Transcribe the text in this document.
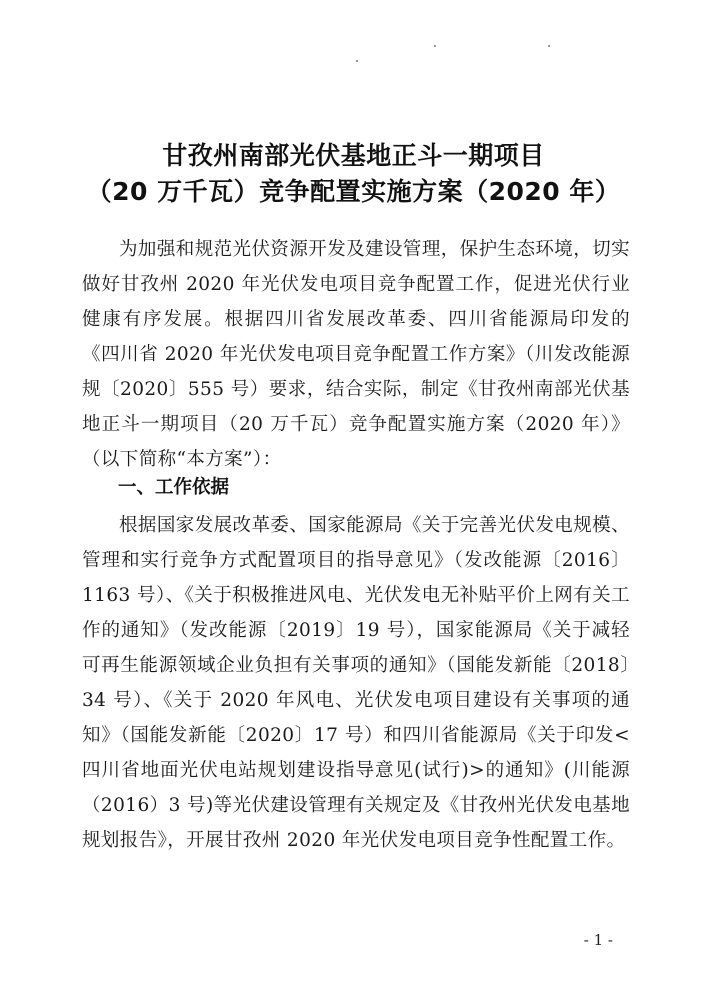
甘孜州南部光伏基地正斗一期项目
（20 万千瓦）竞争配置实施方案（2020 年）

为加强和规范光伏资源开发及建设管理，保护生态环境，切实做好甘孜州 2020 年光伏发电项目竞争配置工作，促进光伏行业健康有序发展。根据四川省发展改革委、四川省能源局印发的《四川省 2020 年光伏发电项目竞争配置工作方案》（川发改能源规〔2020〕555 号）要求，结合实际，制定《甘孜州南部光伏基地正斗一期项目（20 万千瓦）竞争配置实施方案（2020 年）》（以下简称“本方案”）：

一、工作依据

根据国家发展改革委、国家能源局《关于完善光伏发电规模、管理和实行竞争方式配置项目的指导意见》（发改能源〔2016〕1163 号）、《关于积极推进风电、光伏发电无补贴平价上网有关工作的通知》（发改能源〔2019〕19 号），国家能源局《关于减轻可再生能源领域企业负担有关事项的通知》（国能发新能〔2018〕34 号）、《关于 2020 年风电、光伏发电项目建设有关事项的通知》（国能发新能〔2020〕17 号）和四川省能源局《关于印发<四川省地面光伏电站规划建设指导意见(试行)>的通知》(川能源（2016）3 号)等光伏建设管理有关规定及《甘孜州光伏发电基地规划报告》，开展甘孜州 2020 年光伏发电项目竞争性配置工作。

- 1 -
